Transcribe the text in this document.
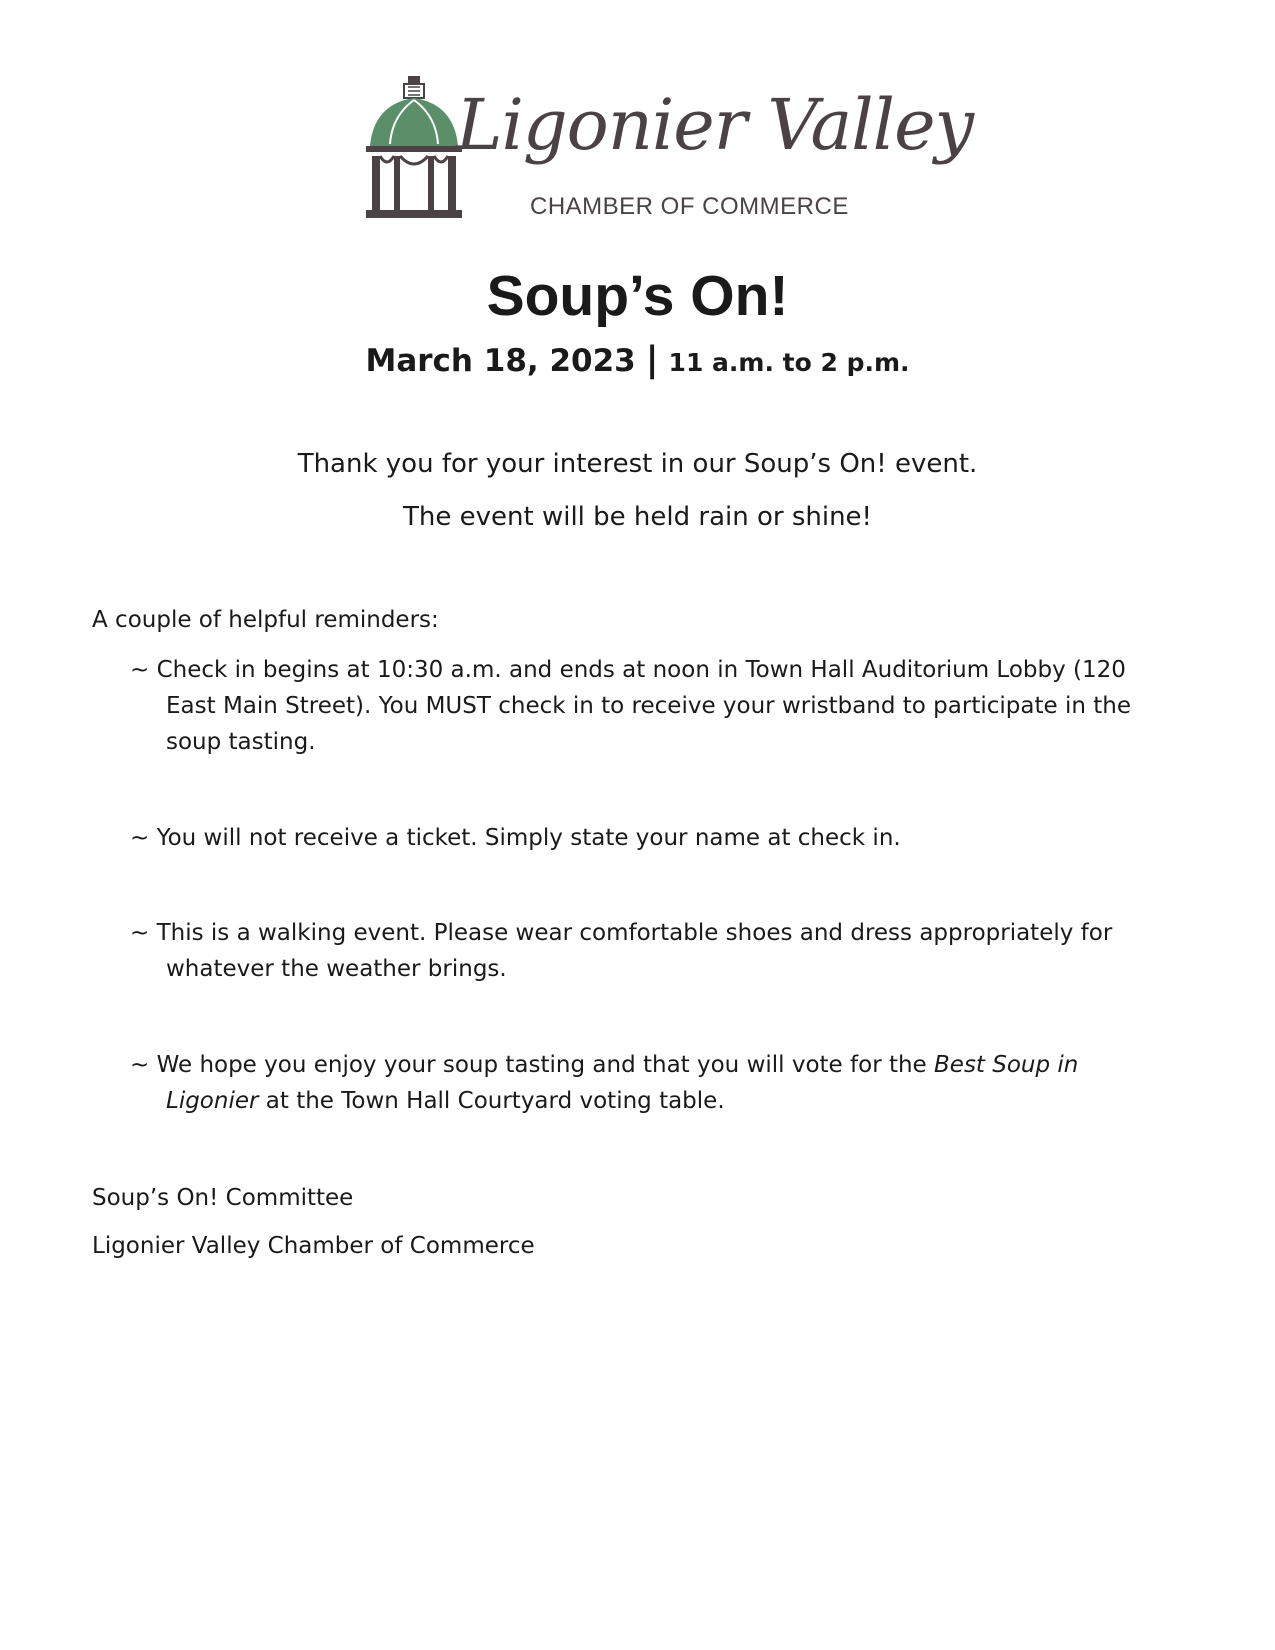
Ligonier Valley
CHAMBER OF COMMERCE
Soup’s On!
March 18, 2023 | 11 a.m. to 2 p.m.
Thank you for your interest in our Soup’s On! event.
The event will be held rain or shine!
A couple of helpful reminders:
~ Check in begins at 10:30 a.m. and ends at noon in Town Hall Auditorium Lobby (120
East Main Street). You MUST check in to receive your wristband to participate in the
soup tasting.
~ You will not receive a ticket. Simply state your name at check in.
~ This is a walking event. Please wear comfortable shoes and dress appropriately for
whatever the weather brings.
~ We hope you enjoy your soup tasting and that you will vote for the Best Soup in
Ligonier at the Town Hall Courtyard voting table.
Soup’s On! Committee
Ligonier Valley Chamber of Commerce
